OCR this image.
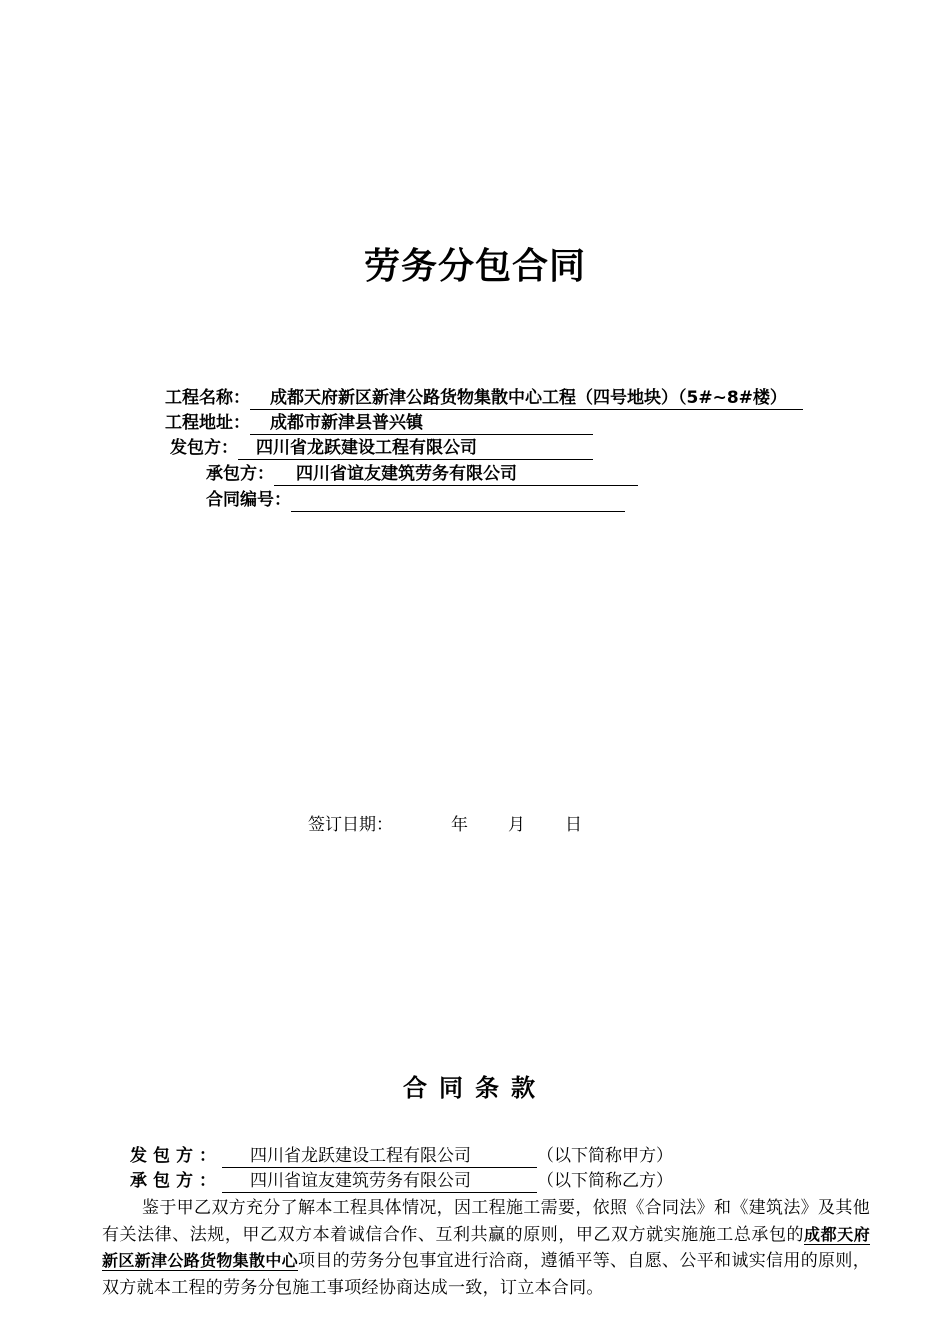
劳务分包合同
工程名称： 成都天府新区新津公路货物集散中心工程（四号地块）（5#~8#楼）
工程地址： 成都市新津县普兴镇
发包方： 四川省龙跃建设工程有限公司
承包方： 四川省谊友建筑劳务有限公司
合同编号：
签订日期：	年 月 日
合同条款
发包方： 四川省龙跃建设工程有限公司	（以下简称甲方）
承包方： 四川省谊友建筑劳务有限公司	（以下简称乙方）
鉴于甲乙双方充分了解本工程具体情况，因工程施工需要，依照《合同法》和《建筑法》及其他有关法律、法规，甲乙双方本着诚信合作、互利共赢的原则，甲乙双方就实施施工总承包的成都天府新区新津公路货物集散中心项目的劳务分包事宜进行洽商，遵循平等、自愿、公平和诚实信用的原则，双方就本工程的劳务分包施工事项经协商达成一致，订立本合同。
